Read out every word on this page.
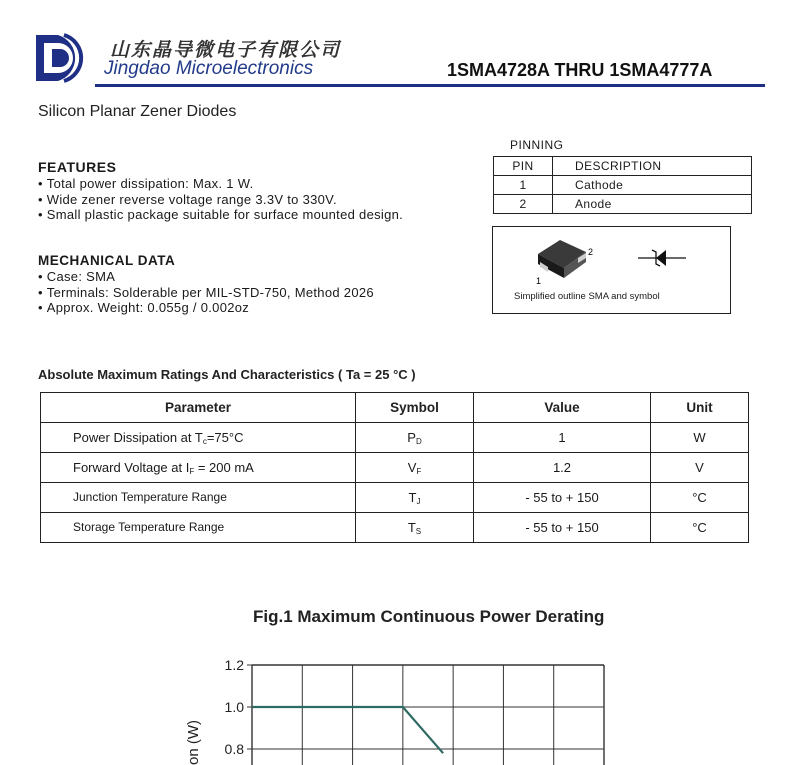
山东晶导微电子有限公司
Jingdao Microelectronics	1SMA4728A THRU 1SMA4777A
Silicon Planar Zener Diodes
FEATURES
• Total power dissipation: Max. 1 W.
• Wide zener reverse voltage range 3.3V to 330V.
• Small plastic package suitable for surface mounted design.
MECHANICAL DATA
• Case: SMA
• Terminals: Solderable per MIL-STD-750, Method 2026
• Approx. Weight: 0.055g / 0.002oz
PINNING
PIN	DESCRIPTION
1	Cathode
2	Anode
2
1
Simplified outline SMA and symbol
Absolute Maximum Ratings And Characteristics ( Ta = 25 °C )
Parameter	Symbol	Value	Unit
Power Dissipation at $T_c=75^\circ C$	$P_D$	1	W
Forward Voltage at $I_F = 200$ mA	$V_F$	1.2	V
Junction Temperature Range	$T_J$	- 55 to + 150	°C
Storage Temperature Range	$T_S$	- 55 to + 150	°C
Fig.1 Maximum Continuous Power Derating
0.8
1.0
1.2
on (W)
